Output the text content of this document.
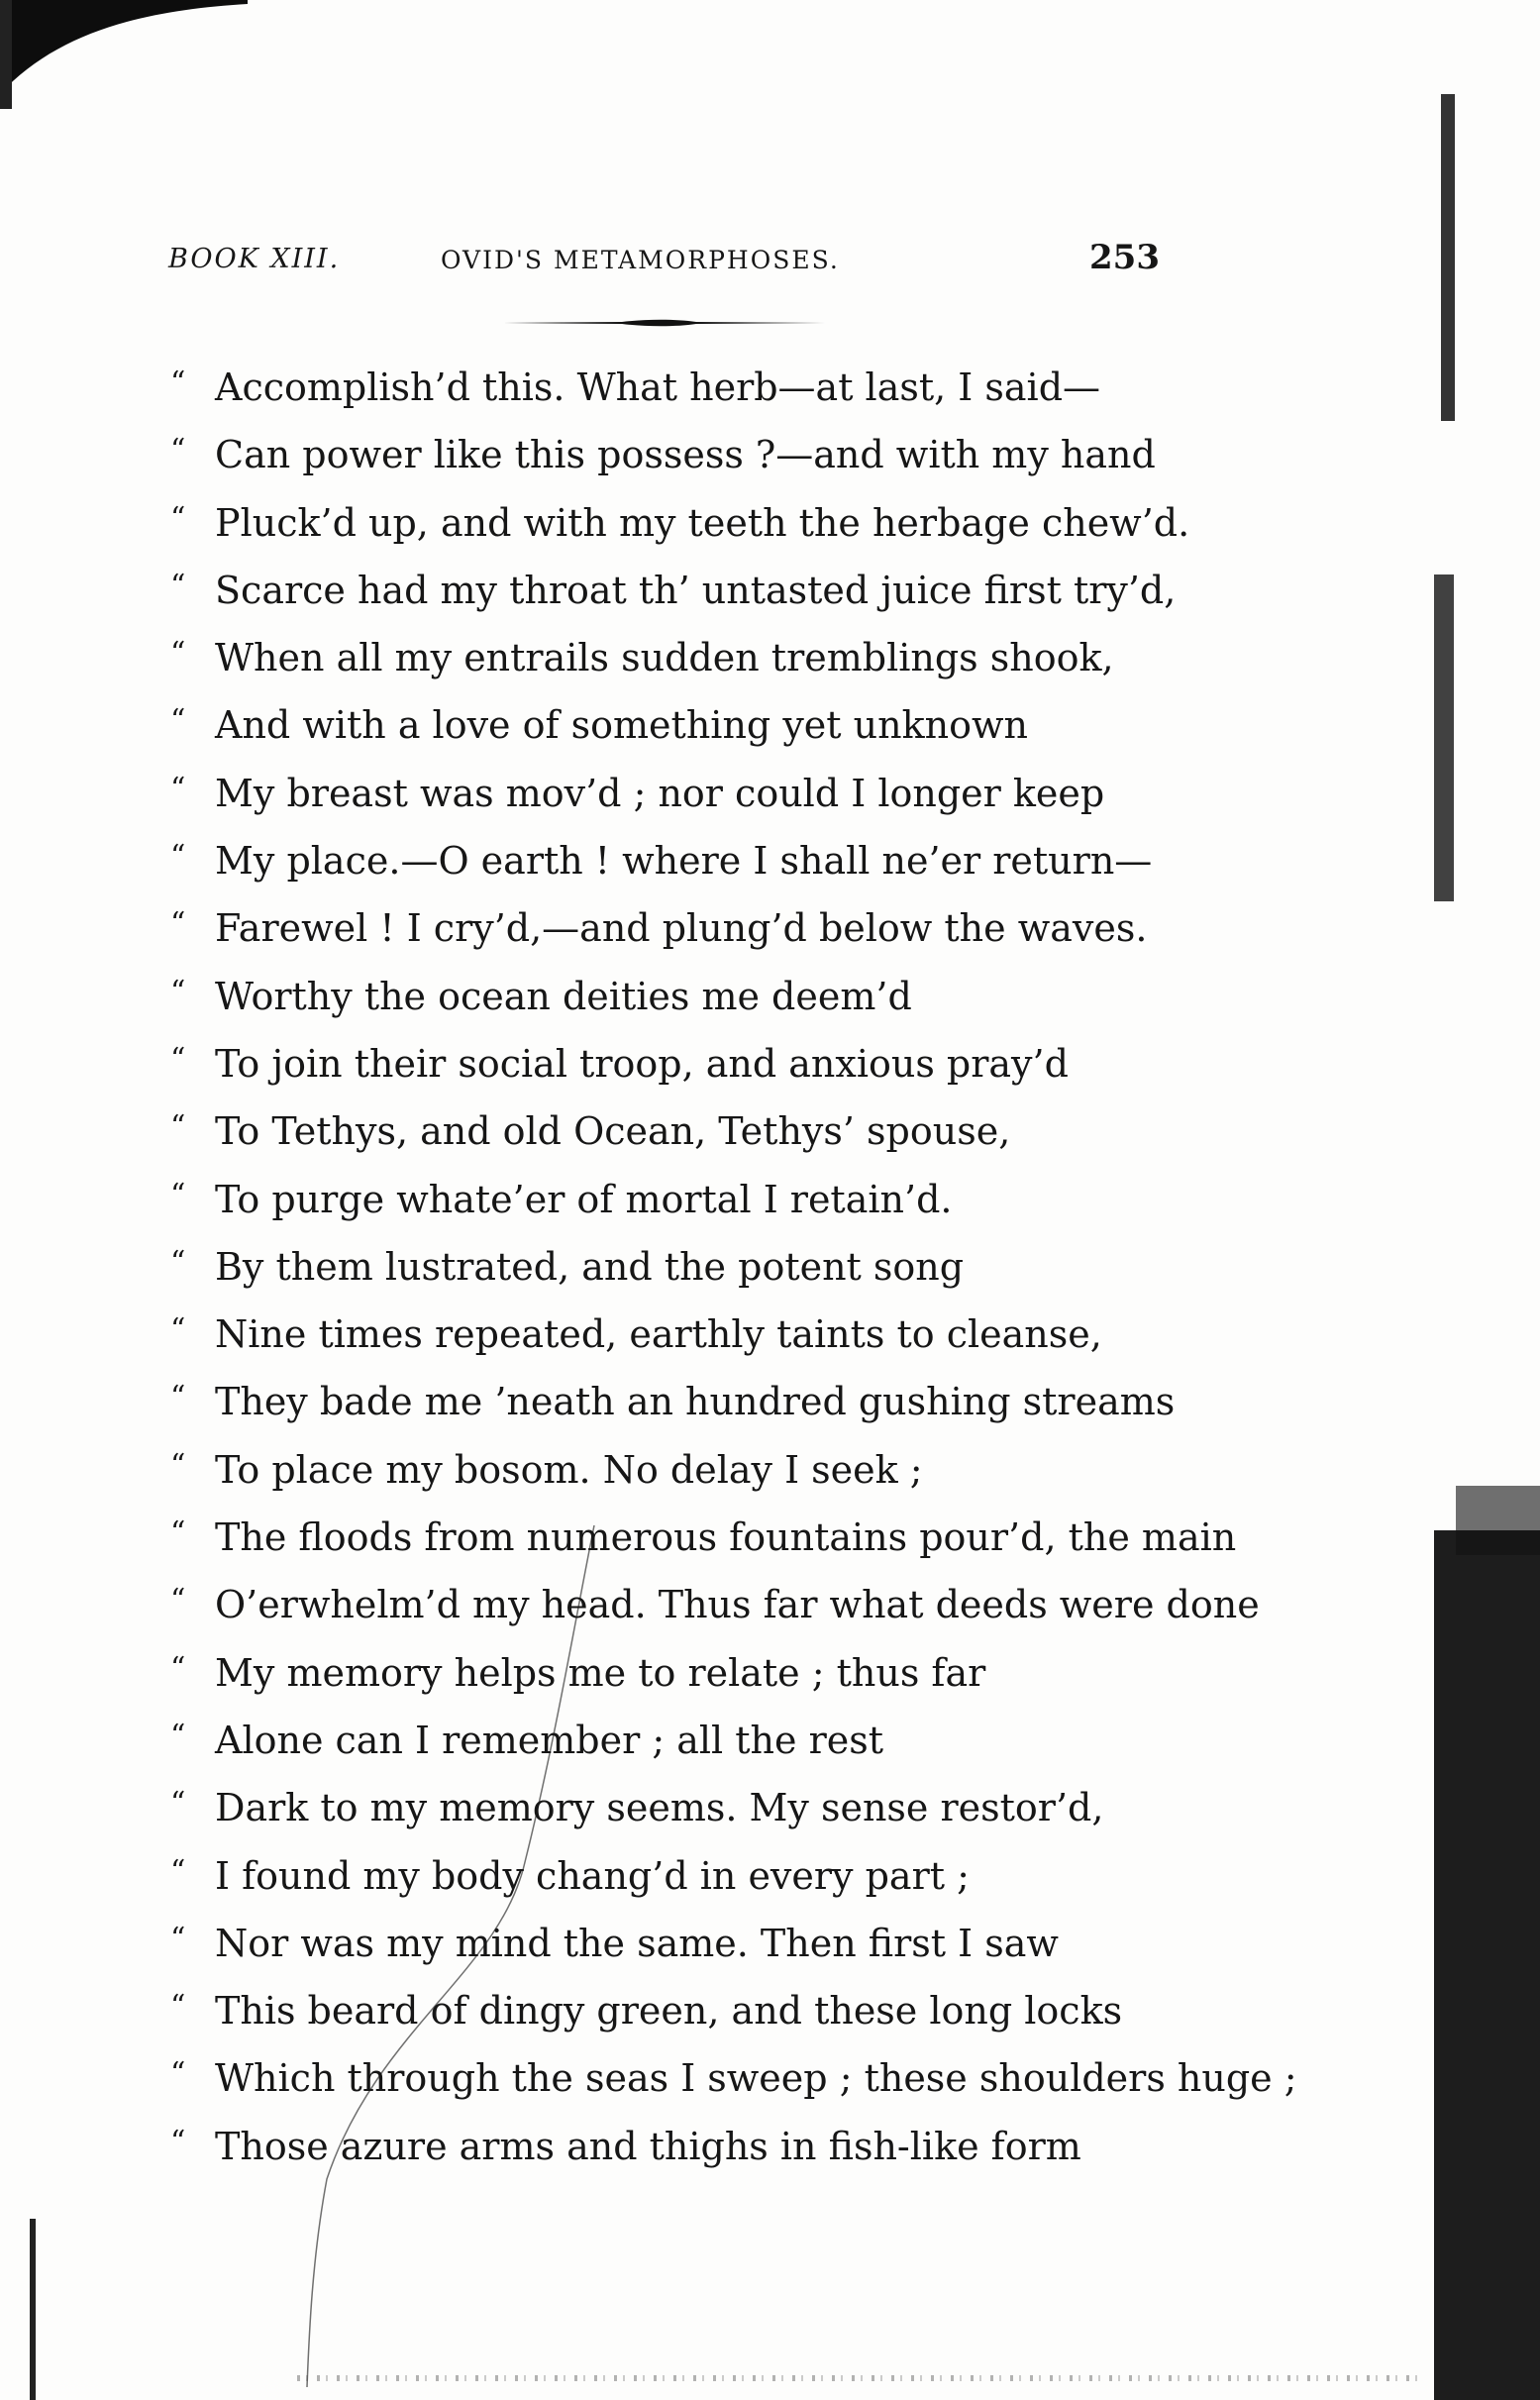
BOOK XIII.	OVID'S METAMORPHOSES.	253
“ Accomplish’d this. What herb—at last, I said—
“ Can power like this possess ?—and with my hand
“ Pluck’d up, and with my teeth the herbage chew’d.
“ Scarce had my throat th’ untasted juice first try’d,
“ When all my entrails sudden tremblings shook,
“ And with a love of something yet unknown
“ My breast was mov’d ; nor could I longer keep
“ My place.—O earth ! where I shall ne’er return—
“ Farewel ! I cry’d,—and plung’d below the waves.
“ Worthy the ocean deities me deem’d
“ To join their social troop, and anxious pray’d
“ To Tethys, and old Ocean, Tethys’ spouse,
“ To purge whate’er of mortal I retain’d.
“ By them lustrated, and the potent song
“ Nine times repeated, earthly taints to cleanse,
“ They bade me ’neath an hundred gushing streams
“ To place my bosom. No delay I seek ;
“ The floods from numerous fountains pour’d, the main
“ O’erwhelm’d my head. Thus far what deeds were done
“ My memory helps me to relate ; thus far
“ Alone can I remember ; all the rest
“ Dark to my memory seems. My sense restor’d,
“ I found my body chang’d in every part ;
“ Nor was my mind the same. Then first I saw
“ This beard of dingy green, and these long locks
“ Which through the seas I sweep ; these shoulders huge ;
“ Those azure arms and thighs in fish-like form
